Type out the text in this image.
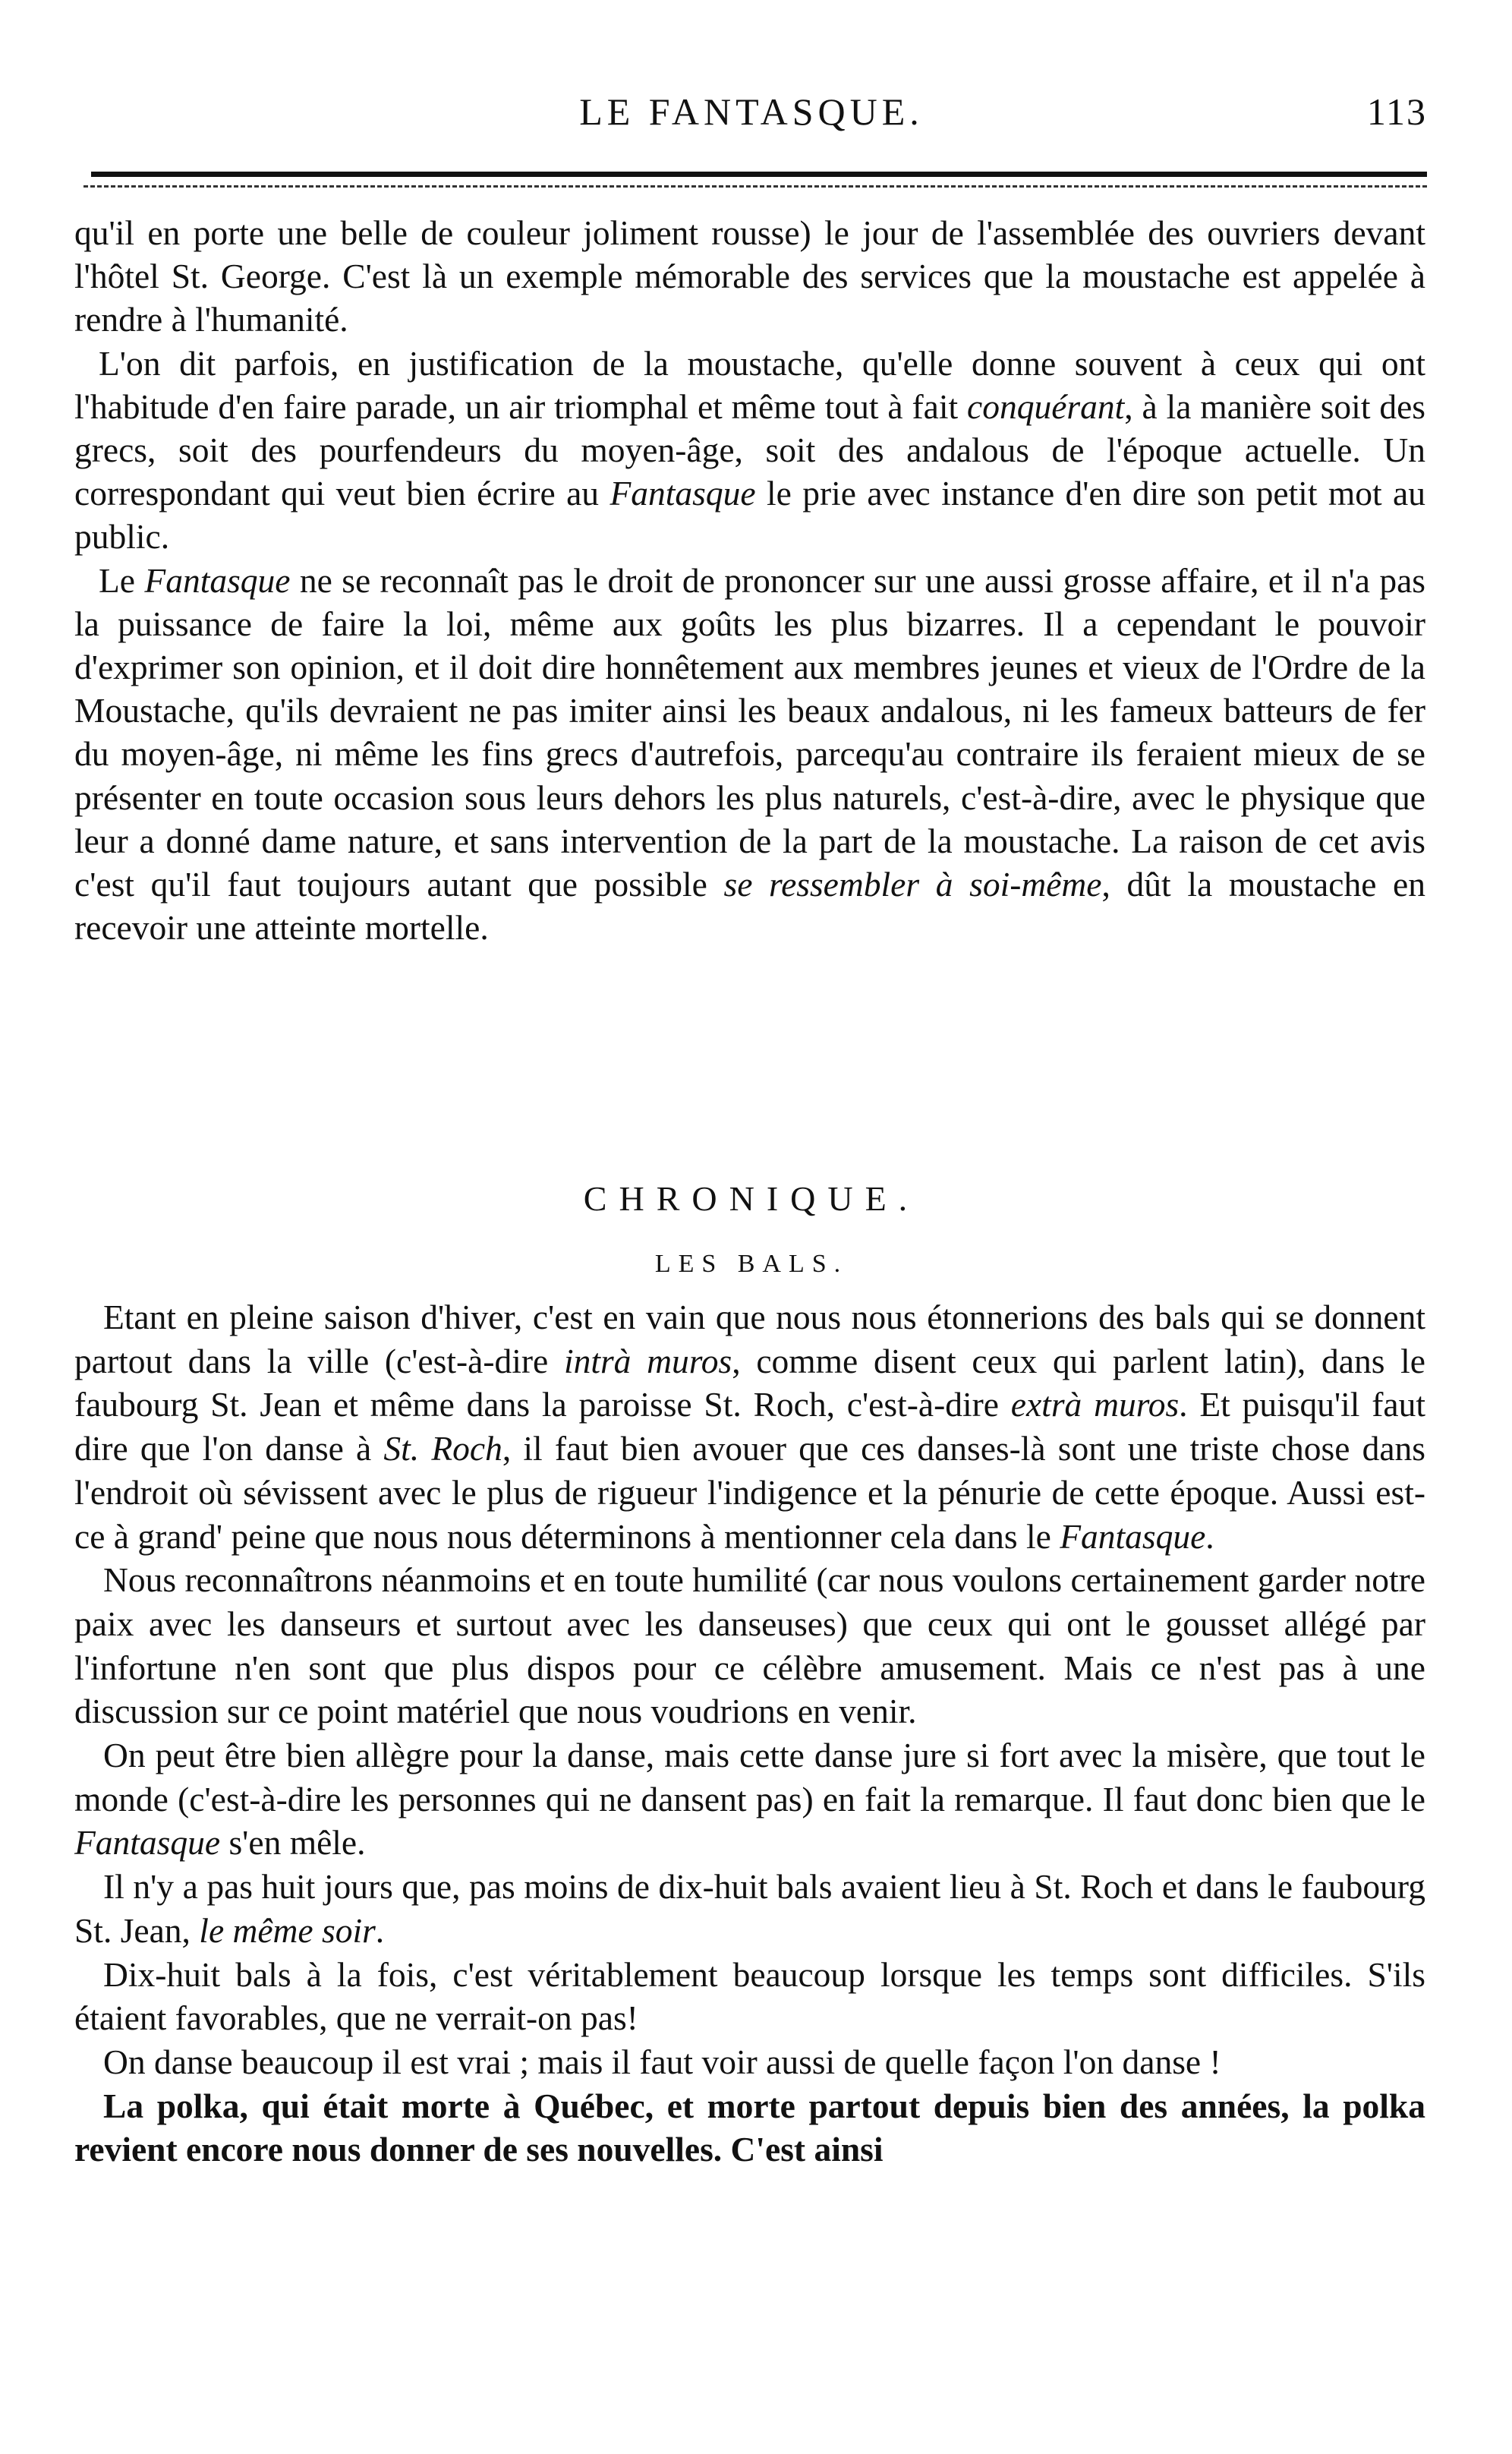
LE FANTASQUE.	113

qu'il en porte une belle de couleur joliment rousse) le jour de l'assemblée des ouvriers devant l'hôtel St. George. C'est là un exemple mémorable des services que la moustache est appelée à rendre à l'humanité.

L'on dit parfois, en justification de la moustache, qu'elle donne souvent à ceux qui ont l'habitude d'en faire parade, un air triomphal et même tout à fait conquérant, à la manière soit des grecs, soit des pourfendeurs du moyen-âge, soit des andalous de l'époque actuelle. Un correspondant qui veut bien écrire au Fantasque le prie avec instance d'en dire son petit mot au public.

Le Fantasque ne se reconnaît pas le droit de prononcer sur une aussi grosse affaire, et il n'a pas la puissance de faire la loi, même aux goûts les plus bizarres. Il a cependant le pouvoir d'exprimer son opinion, et il doit dire honnêtement aux membres jeunes et vieux de l'Ordre de la Moustache, qu'ils devraient ne pas imiter ainsi les beaux andalous, ni les fameux batteurs de fer du moyen-âge, ni même les fins grecs d'autrefois, parcequ'au contraire ils feraient mieux de se présenter en toute occasion sous leurs dehors les plus naturels, c'est-à-dire, avec le physique que leur a donné dame nature, et sans intervention de la part de la moustache. La raison de cet avis c'est qu'il faut toujours autant que possible se ressembler à soi-même, dût la moustache en recevoir une atteinte mortelle.

CHRONIQUE.
LES BALS.

Etant en pleine saison d'hiver, c'est en vain que nous nous étonnerions des bals qui se donnent partout dans la ville (c'est-à-dire intrà muros, comme disent ceux qui parlent latin), dans le faubourg St. Jean et même dans la paroisse St. Roch, c'est-à-dire extrà muros. Et puisqu'il faut dire que l'on danse à St. Roch, il faut bien avouer que ces danses-là sont une triste chose dans l'endroit où sévissent avec le plus de rigueur l'indigence et la pénurie de cette époque. Aussi est-ce à grand' peine que nous nous déterminons à mentionner cela dans le Fantasque.

Nous reconnaîtrons néanmoins et en toute humilité (car nous voulons certainement garder notre paix avec les danseurs et surtout avec les danseuses) que ceux qui ont le gousset allégé par l'infortune n'en sont que plus dispos pour ce célèbre amusement. Mais ce n'est pas à une discussion sur ce point matériel que nous voudrions en venir.

On peut être bien allègre pour la danse, mais cette danse jure si fort avec la misère, que tout le monde (c'est-à-dire les personnes qui ne dansent pas) en fait la remarque. Il faut donc bien que le Fantasque s'en mêle.

Il n'y a pas huit jours que, pas moins de dix-huit bals avaient lieu à St. Roch et dans le faubourg St. Jean, le même soir.

Dix-huit bals à la fois, c'est véritablement beaucoup lorsque les temps sont difficiles. S'ils étaient favorables, que ne verrait-on pas!

On danse beaucoup il est vrai ; mais il faut voir aussi de quelle façon l'on danse !

La polka, qui était morte à Québec, et morte partout depuis bien des années, la polka revient encore nous donner de ses nouvelles. C'est ainsi
